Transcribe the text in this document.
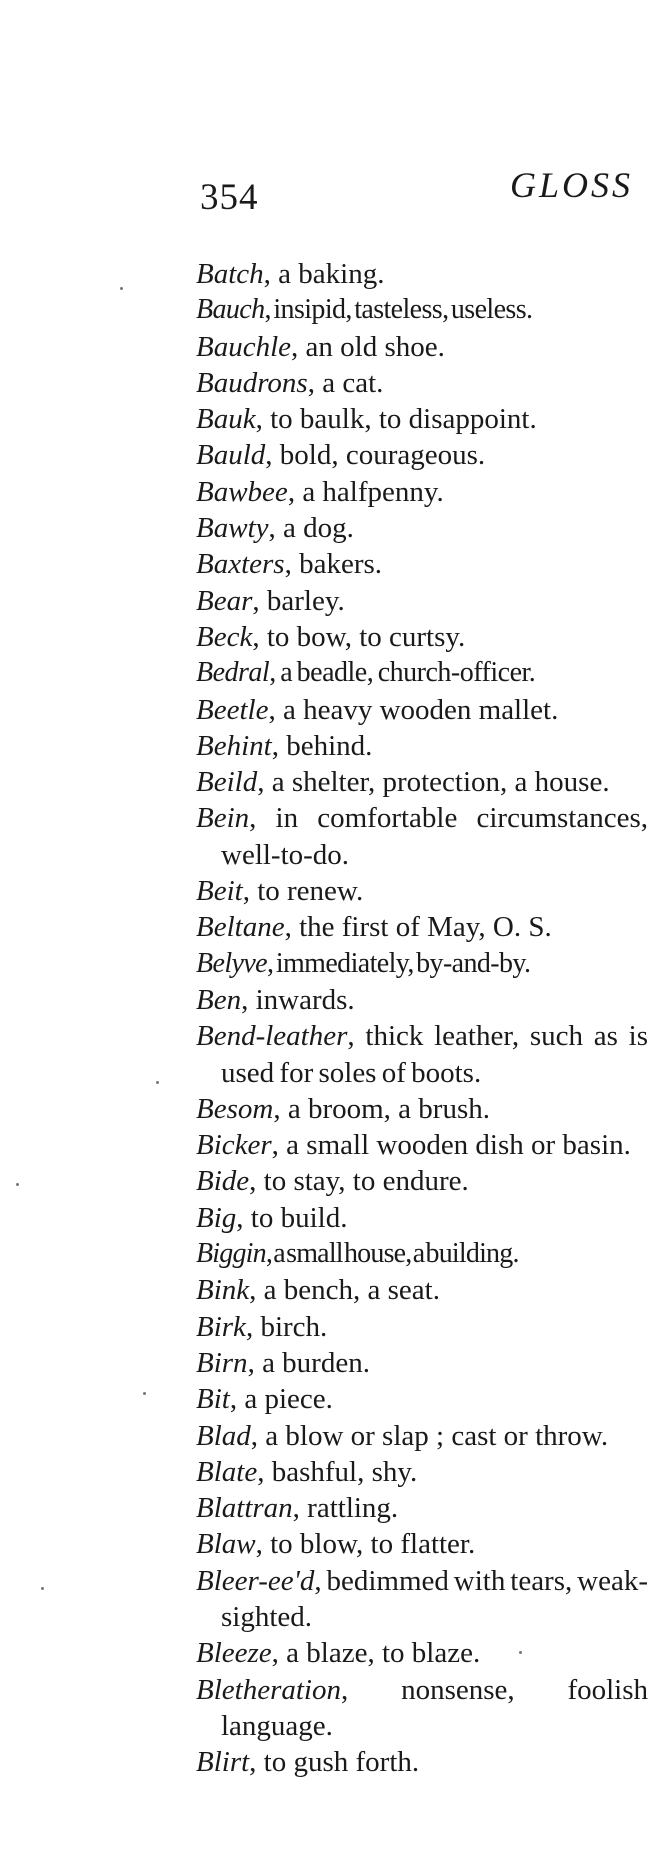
354	GLOSS
Batch, a baking.
Bauch, insipid, tasteless, useless.
Bauchle, an old shoe.
Baudrons, a cat.
Bauk, to baulk, to disappoint.
Bauld, bold, courageous.
Bawbee, a halfpenny.
Bawty, a dog.
Baxters, bakers.
Bear, barley.
Beck, to bow, to curtsy.
Bedral, a beadle, church-officer.
Beetle, a heavy wooden mallet.
Behint, behind.
Beild, a shelter, protection, a house.
Bein, in comfortable circumstances, well-to-do.
Beit, to renew.
Beltane, the first of May, O. S.
Belyve, immediately, by-and-by.
Ben, inwards.
Bend-leather, thick leather, such as is used for soles of boots.
Besom, a broom, a brush.
Bicker, a small wooden dish or basin.
Bide, to stay, to endure.
Big, to build.
Biggin, a small house, a building.
Bink, a bench, a seat.
Birk, birch.
Birn, a burden.
Bit, a piece.
Blad, a blow or slap ; cast or throw.
Blate, bashful, shy.
Blattran, rattling.
Blaw, to blow, to flatter.
Bleer-ee'd, bedimmed with tears, weak-sighted.
Bleeze, a blaze, to blaze.
Bletheration, nonsense, foolish language.
Blirt, to gush forth.
